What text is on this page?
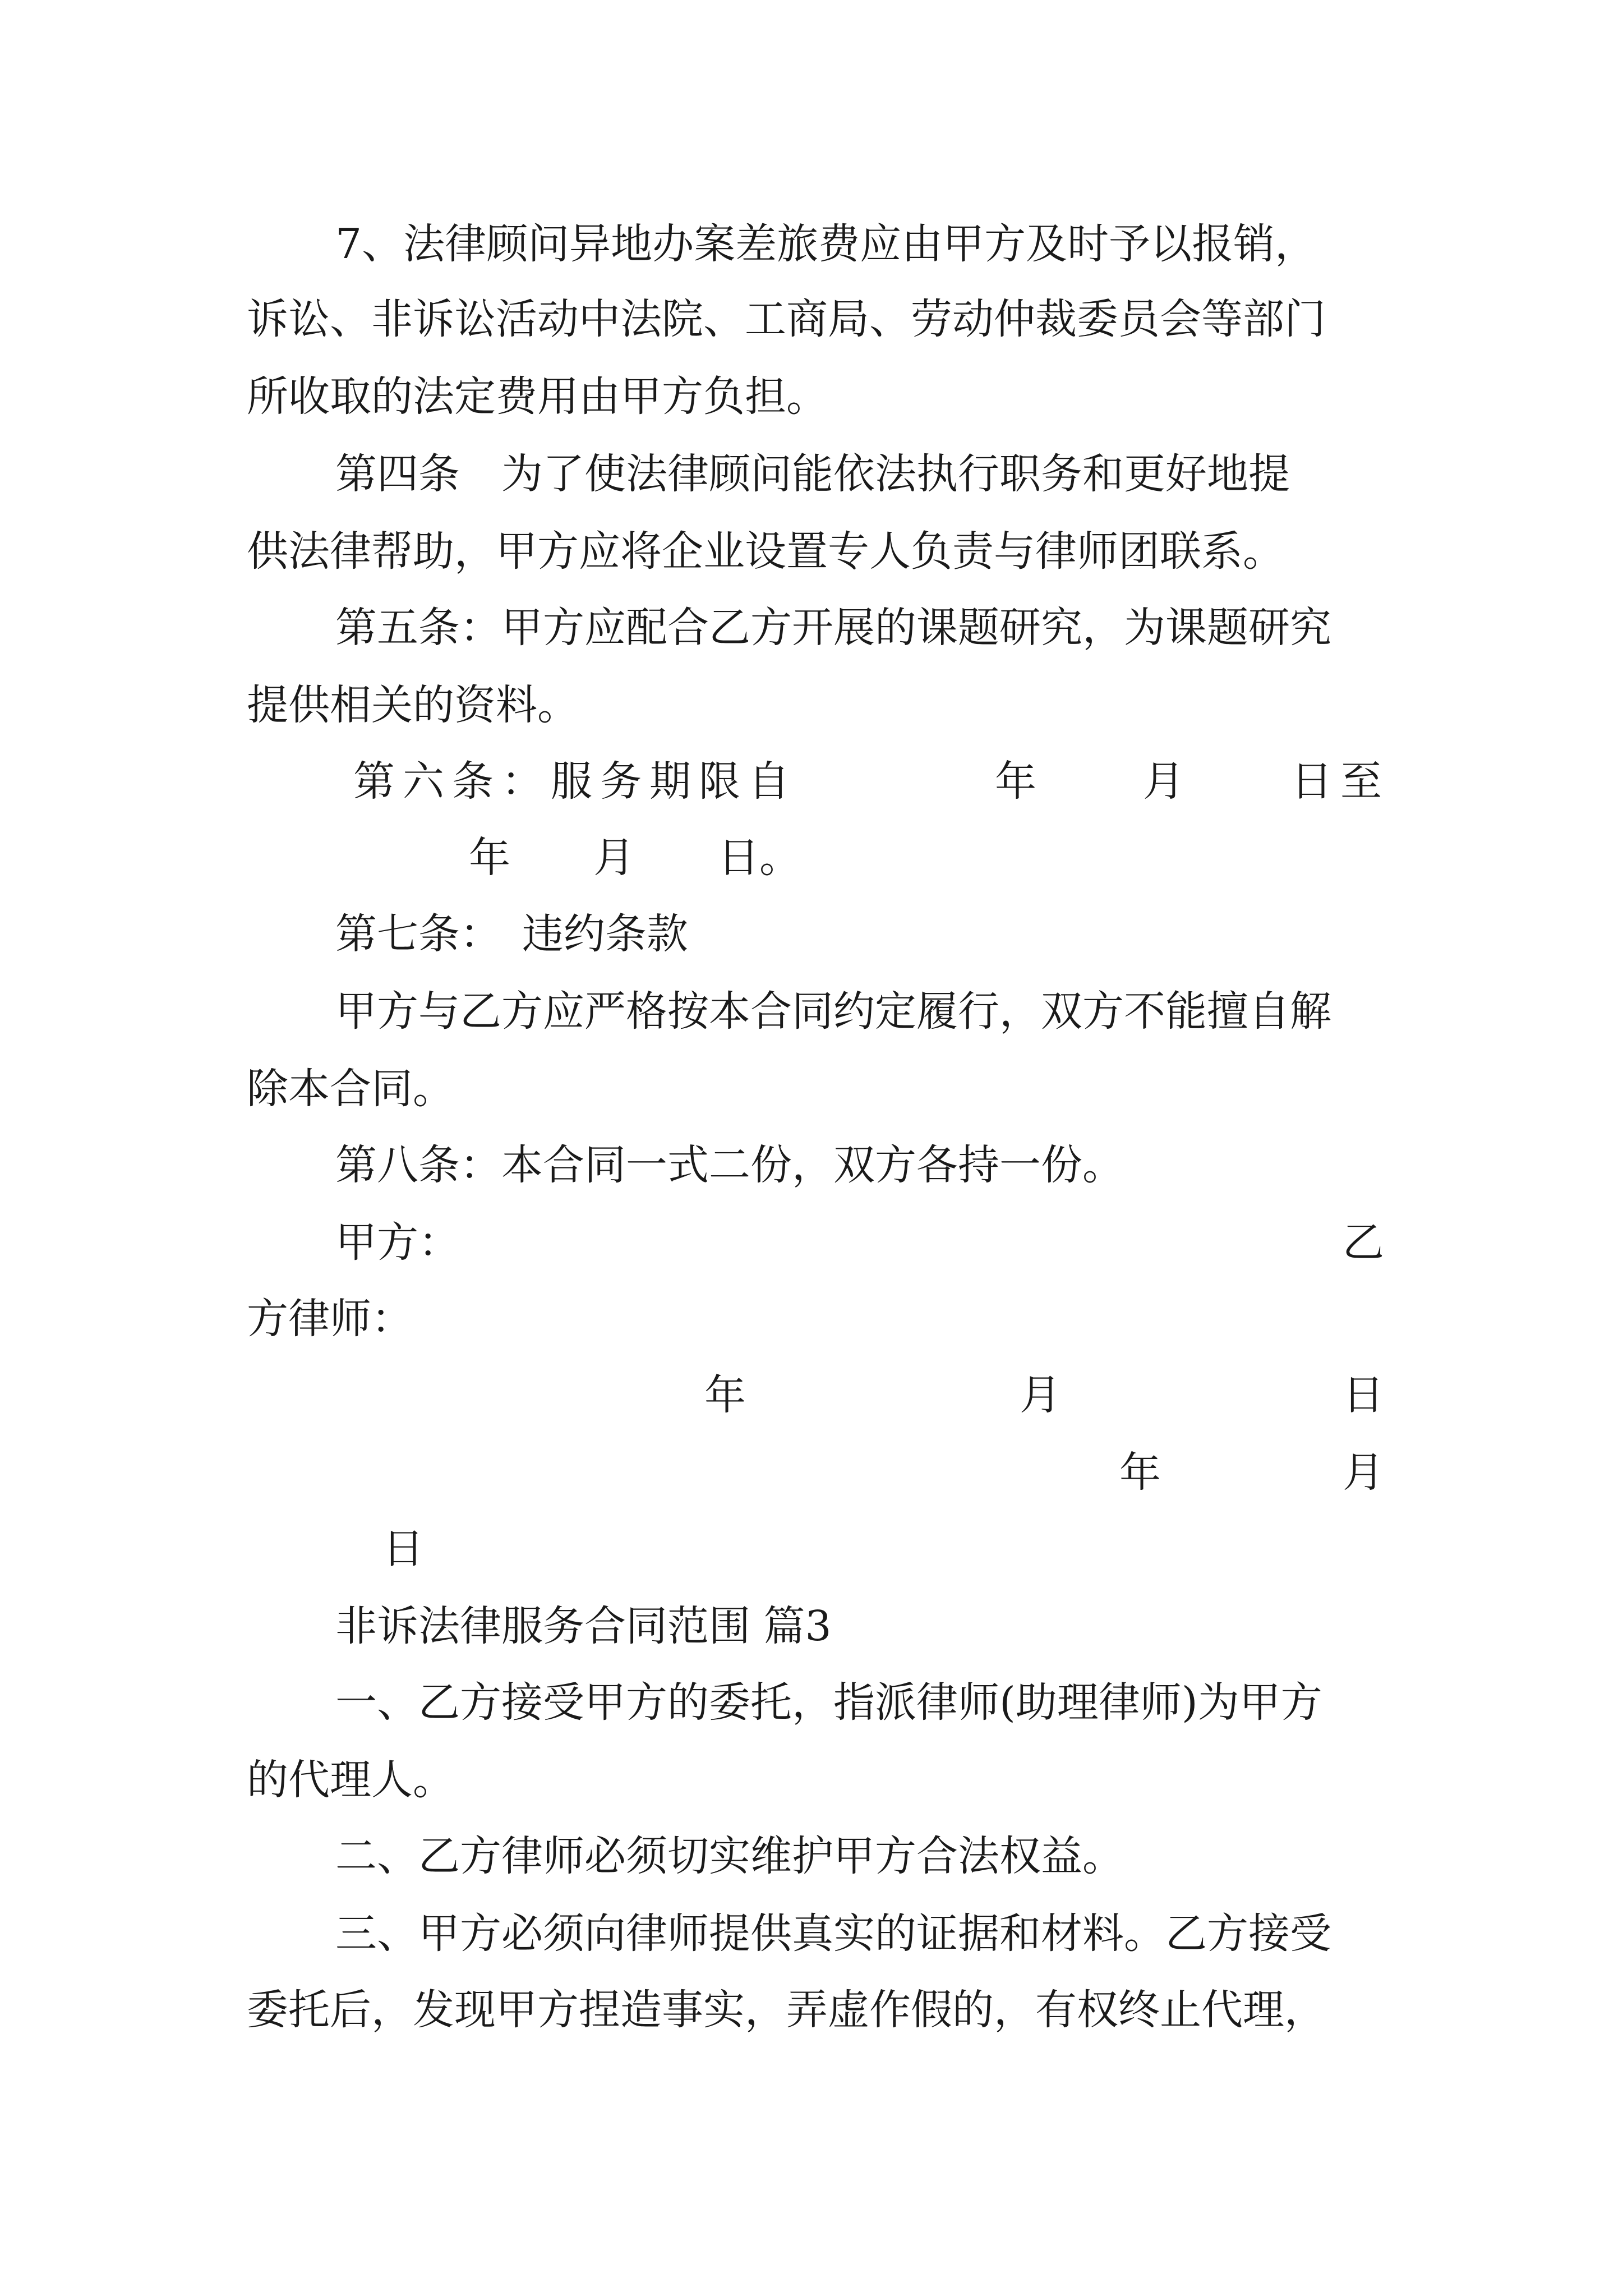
7、法律顾问异地办案差旅费应由甲方及时予以报销，
诉讼、非诉讼活动中法院、工商局、劳动仲裁委员会等部门
所收取的法定费用由甲方负担。
第四条　为了使法律顾问能依法执行职务和更好地提
供法律帮助，甲方应将企业设置专人负责与律师团联系。
第五条：甲方应配合乙方开展的课题研究，为课题研究
提供相关的资料。
第六条：服务期限自　　　　年　　月　　日至
年　　月　　日。
第七条：　违约条款
甲方与乙方应严格按本合同约定履行，双方不能擅自解
除本合同。
第八条：本合同一式二份，双方各持一份。
甲方：	乙
方律师：
年	月	日
年	月
日
非诉法律服务合同范围 篇3
一、乙方接受甲方的委托，指派律师(助理律师)为甲方
的代理人。
二、乙方律师必须切实维护甲方合法权益。
三、甲方必须向律师提供真实的证据和材料。乙方接受
委托后，发现甲方捏造事实，弄虚作假的，有权终止代理，
